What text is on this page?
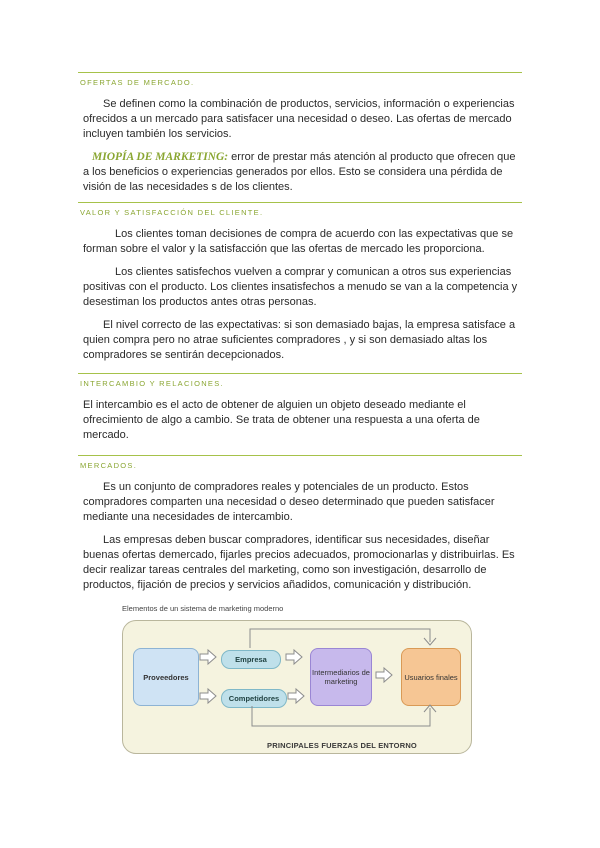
OFERTAS DE MERCADO.

Se definen como la combinación de productos, servicios, información o experiencias ofrecidos a un mercado para satisfacer una necesidad o deseo. Las ofertas de mercado incluyen también los servicios.

MIOPÍA DE MARKETING: error de prestar más atención al producto que ofrecen que a los beneficios o experiencias generados por ellos. Esto se considera una pérdida de visión de las necesidades s de los clientes.

VALOR Y SATISFACCIÓN DEL CLIENTE.

Los clientes toman decisiones de compra de acuerdo con las expectativas que se forman sobre el valor y la satisfacción que las ofertas de mercado les proporciona.

Los clientes satisfechos vuelven a comprar y comunican a otros sus experiencias positivas con el producto. Los clientes insatisfechos a menudo se van a la competencia y desestiman los productos antes otras personas.

El nivel correcto de las expectativas: si son demasiado bajas, la empresa satisface a quien compra pero no atrae suficientes compradores , y si son demasiado altas los compradores se sentirán decepcionados.

INTERCAMBIO Y RELACIONES.

El intercambio es el acto de obtener de alguien un objeto deseado mediante el ofrecimiento de algo a cambio. Se trata de obtener una respuesta a una oferta de mercado.

MERCADOS.

Es un conjunto de compradores reales y potenciales de un producto. Estos compradores comparten una necesidad o deseo determinado que pueden satisfacer mediante una necesidades de intercambio.

Las empresas deben buscar compradores, identificar sus necesidades, diseñar buenas ofertas demercado, fijarles precios adecuados, promocionarlas y distribuirlas. Es decir realizar tareas centrales del marketing, como son investigación, desarrollo de productos, fijación de precios y servicios añadidos, comunicación y distribución.

Elementos de un sistema de marketing moderno
Proveedores
Empresa
Competidores
Intermediarios de marketing	Usuarios finales
PRINCIPALES FUERZAS DEL ENTORNO
